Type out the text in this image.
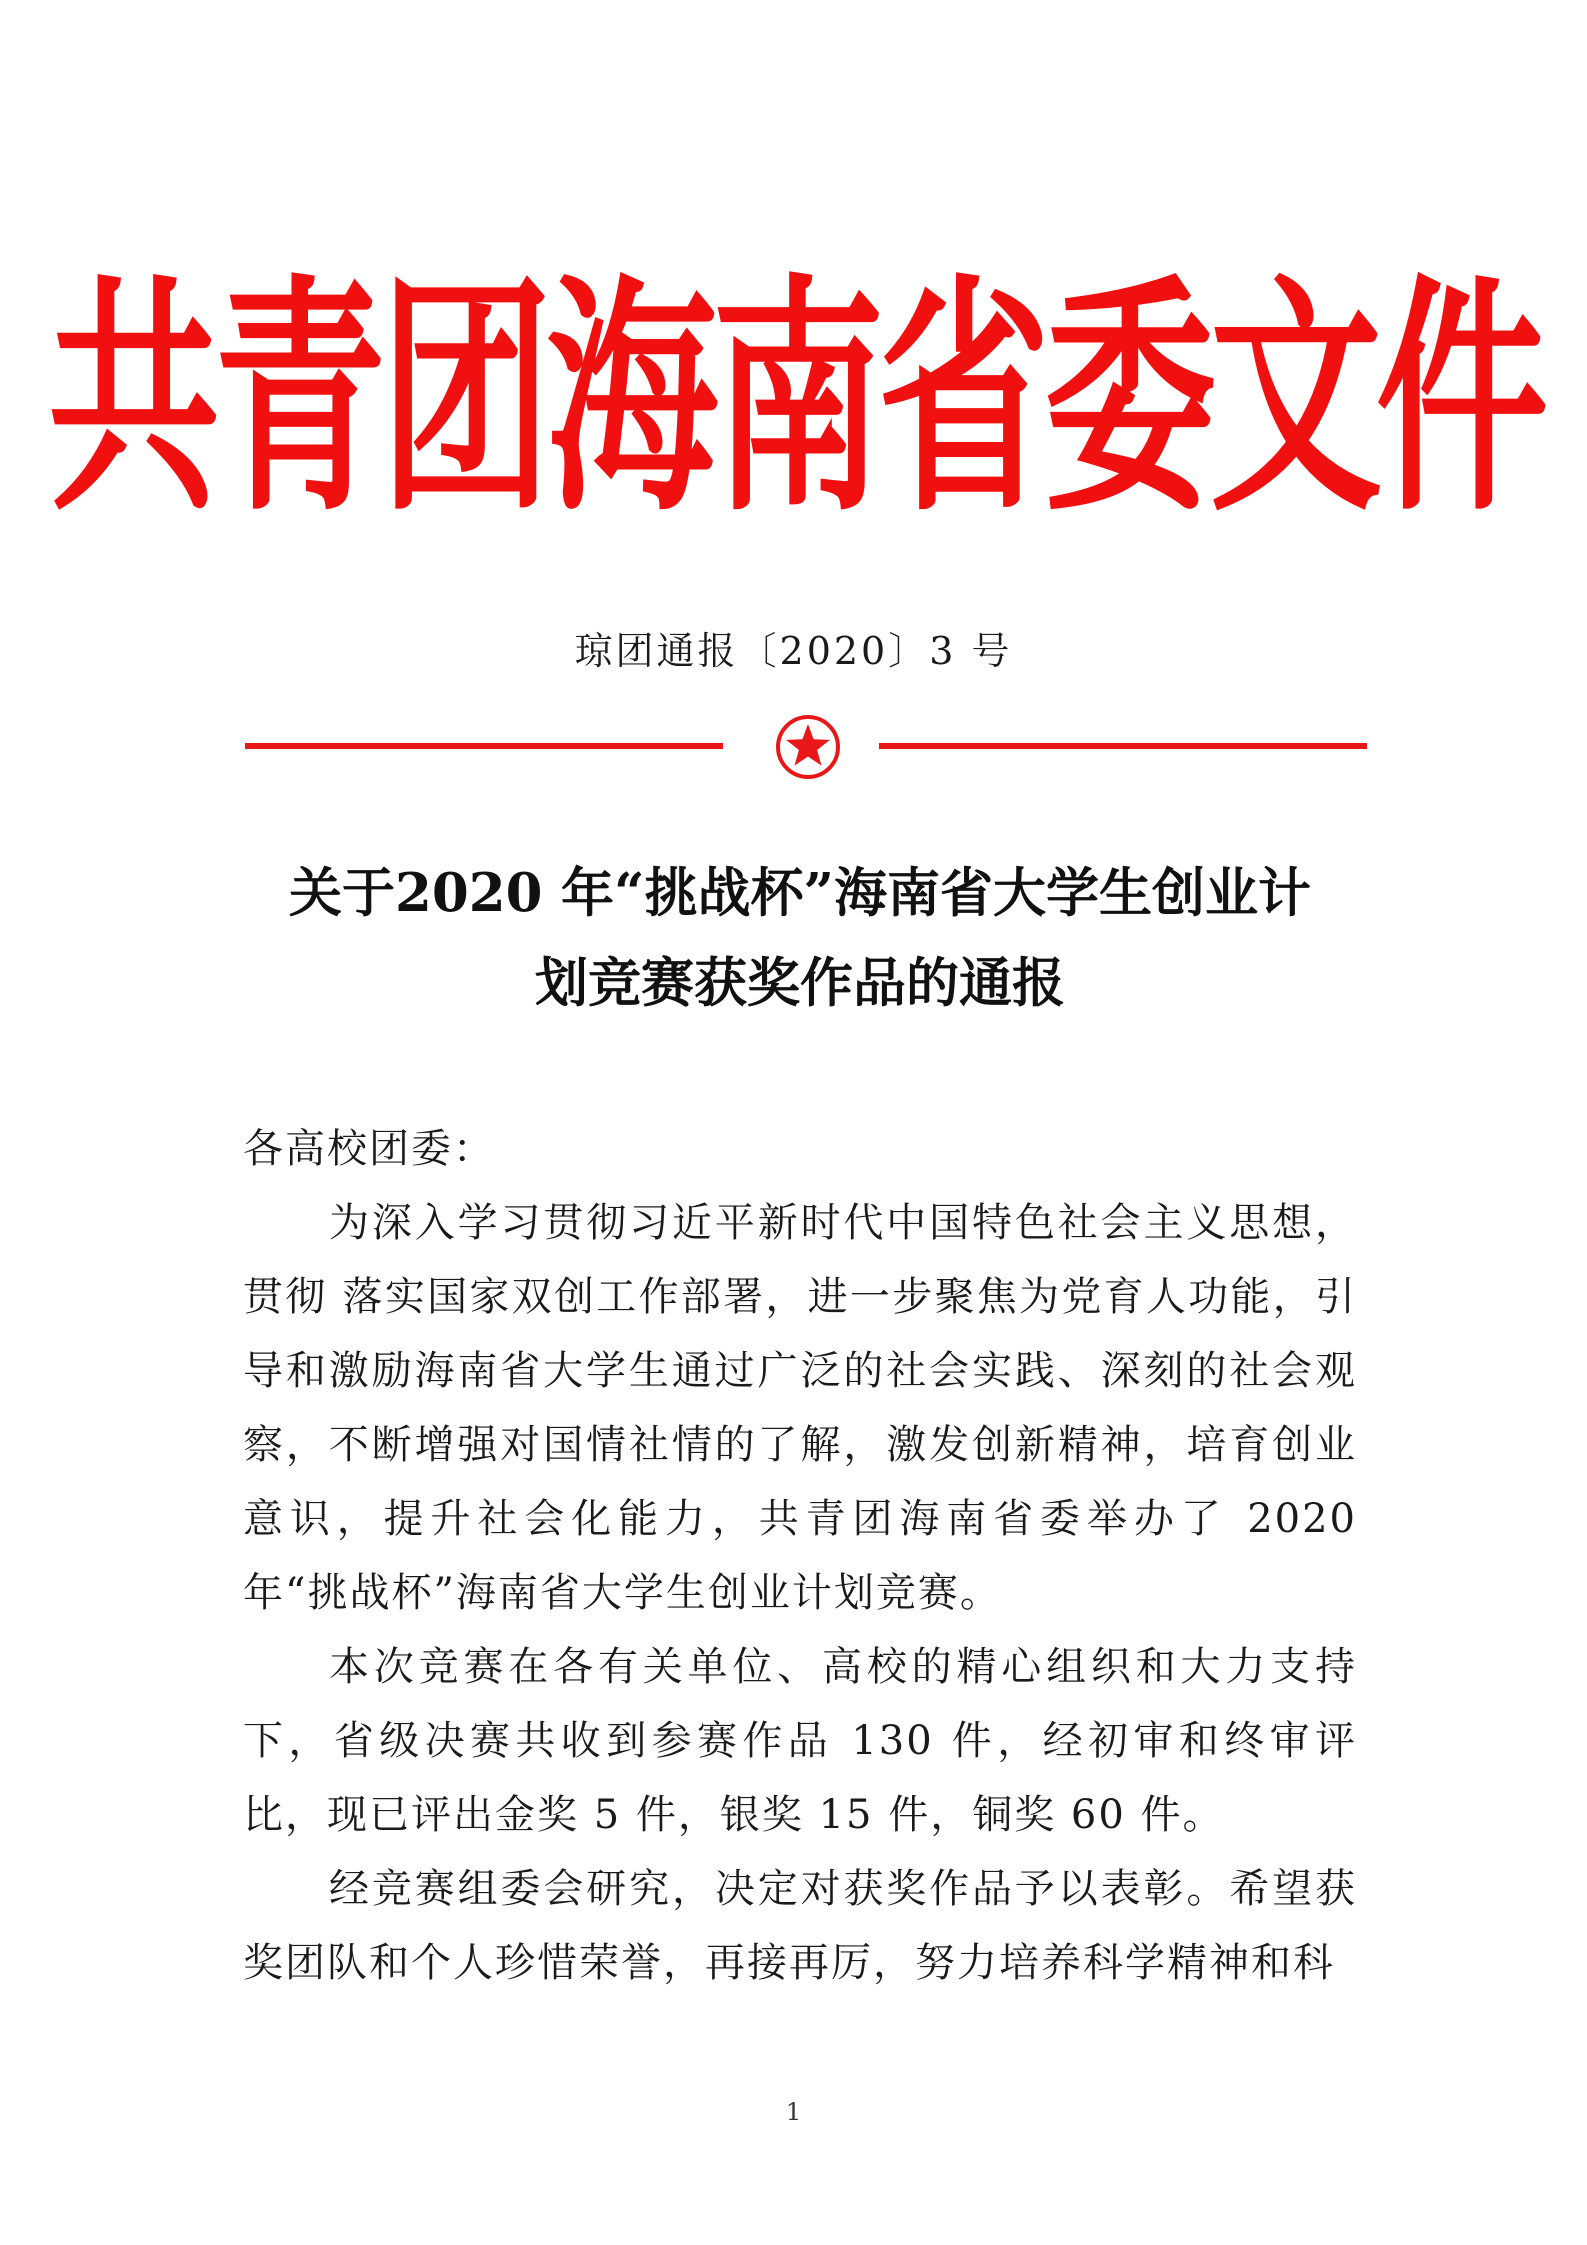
共青团海南省委文件
琼团通报〔2020〕3 号
关于2020 年“挑战杯”海南省大学生创业计
划竞赛获奖作品的通报

各高校团委：

为深入学习贯彻习近平新时代中国特色社会主义思想，贯彻 落实国家双创工作部署，进一步聚焦为党育人功能，引导和激励海南省大学生通过广泛的社会实践、深刻的社会观察，不断增强对国情社情的了解，激发创新精神，培育创业意识，提升社会化能力，共青团海南省委举办了 2020 年“挑战杯”海南省大学生创业计划竞赛。

本次竞赛在各有关单位、高校的精心组织和大力支持下，省级决赛共收到参赛作品 130 件，经初审和终审评比，现已评出金奖 5 件，银奖 15 件，铜奖 60 件。

经竞赛组委会研究，决定对获奖作品予以表彰。希望获奖团队和个人珍惜荣誉，再接再厉，努力培养科学精神和科

1
